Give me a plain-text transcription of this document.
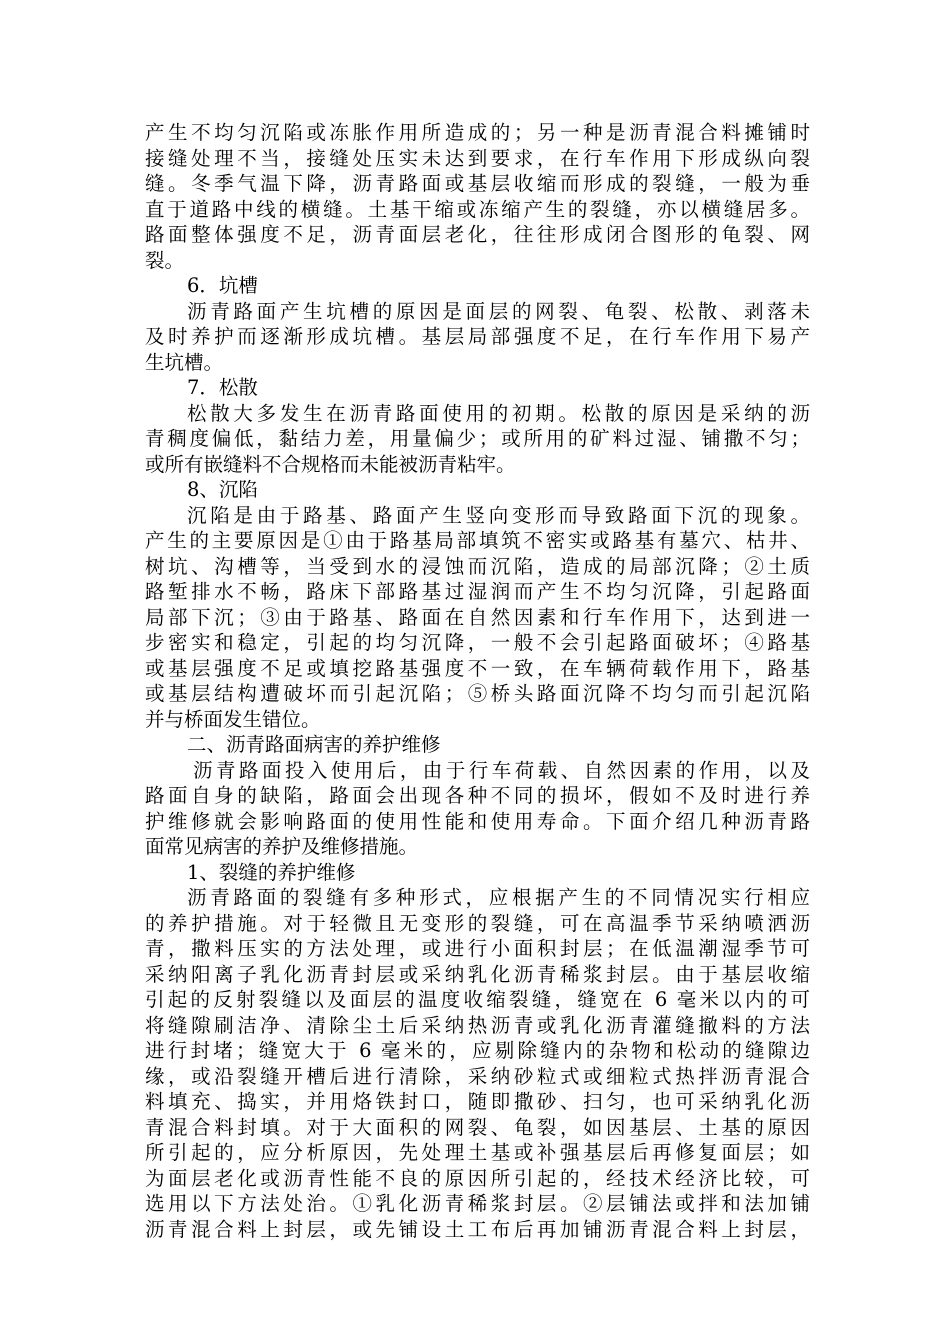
产生不均匀沉陷或冻胀作用所造成的；另一种是沥青混合料摊铺时
接缝处理不当，接缝处压实未达到要求，在行车作用下形成纵向裂
缝。冬季气温下降，沥青路面或基层收缩而形成的裂缝，一般为垂
直于道路中线的横缝。土基干缩或冻缩产生的裂缝，亦以横缝居多。
路面整体强度不足，沥青面层老化，往往形成闭合图形的龟裂、网
裂。
6．坑槽
沥青路面产生坑槽的原因是面层的网裂、龟裂、松散、剥落未
及时养护而逐渐形成坑槽。基层局部强度不足，在行车作用下易产
生坑槽。
7．松散
松散大多发生在沥青路面使用的初期。松散的原因是采纳的沥
青稠度偏低，黏结力差，用量偏少；或所用的矿料过湿、铺撒不匀；
或所有嵌缝料不合规格而未能被沥青粘牢。
8、沉陷
沉陷是由于路基、路面产生竖向变形而导致路面下沉的现象。
产生的主要原因是①由于路基局部填筑不密实或路基有墓穴、枯井、
树坑、沟槽等，当受到水的浸蚀而沉陷，造成的局部沉降；②土质
路堑排水不畅，路床下部路基过湿润而产生不均匀沉降，引起路面
局部下沉；③由于路基、路面在自然因素和行车作用下，达到进一
步密实和稳定，引起的均匀沉降，一般不会引起路面破坏；④路基
或基层强度不足或填挖路基强度不一致，在车辆荷载作用下，路基
或基层结构遭破坏而引起沉陷；⑤桥头路面沉降不均匀而引起沉陷
并与桥面发生错位。
二、沥青路面病害的养护维修
沥青路面投入使用后，由于行车荷载、自然因素的作用，以及
路面自身的缺陷，路面会出现各种不同的损坏，假如不及时进行养
护维修就会影响路面的使用性能和使用寿命。下面介绍几种沥青路
面常见病害的养护及维修措施。
1、裂缝的养护维修
沥青路面的裂缝有多种形式，应根据产生的不同情况实行相应
的养护措施。对于轻微且无变形的裂缝，可在高温季节采纳喷洒沥
青，撒料压实的方法处理，或进行小面积封层；在低温潮湿季节可
采纳阳离子乳化沥青封层或采纳乳化沥青稀浆封层。由于基层收缩
引起的反射裂缝以及面层的温度收缩裂缝，缝宽在 6 毫米以内的可
将缝隙刷洁净、清除尘土后采纳热沥青或乳化沥青灌缝撤料的方法
进行封堵；缝宽大于 6 毫米的，应剔除缝内的杂物和松动的缝隙边
缘，或沿裂缝开槽后进行清除，采纳砂粒式或细粒式热拌沥青混合
料填充、捣实，并用烙铁封口，随即撒砂、扫匀，也可采纳乳化沥
青混合料封填。对于大面积的网裂、龟裂，如因基层、土基的原因
所引起的，应分析原因，先处理土基或补强基层后再修复面层；如
为面层老化或沥青性能不良的原因所引起的，经技术经济比较，可
选用以下方法处治。①乳化沥青稀浆封层。②层铺法或拌和法加铺
沥青混合料上封层，或先铺设土工布后再加铺沥青混合料上封层，
